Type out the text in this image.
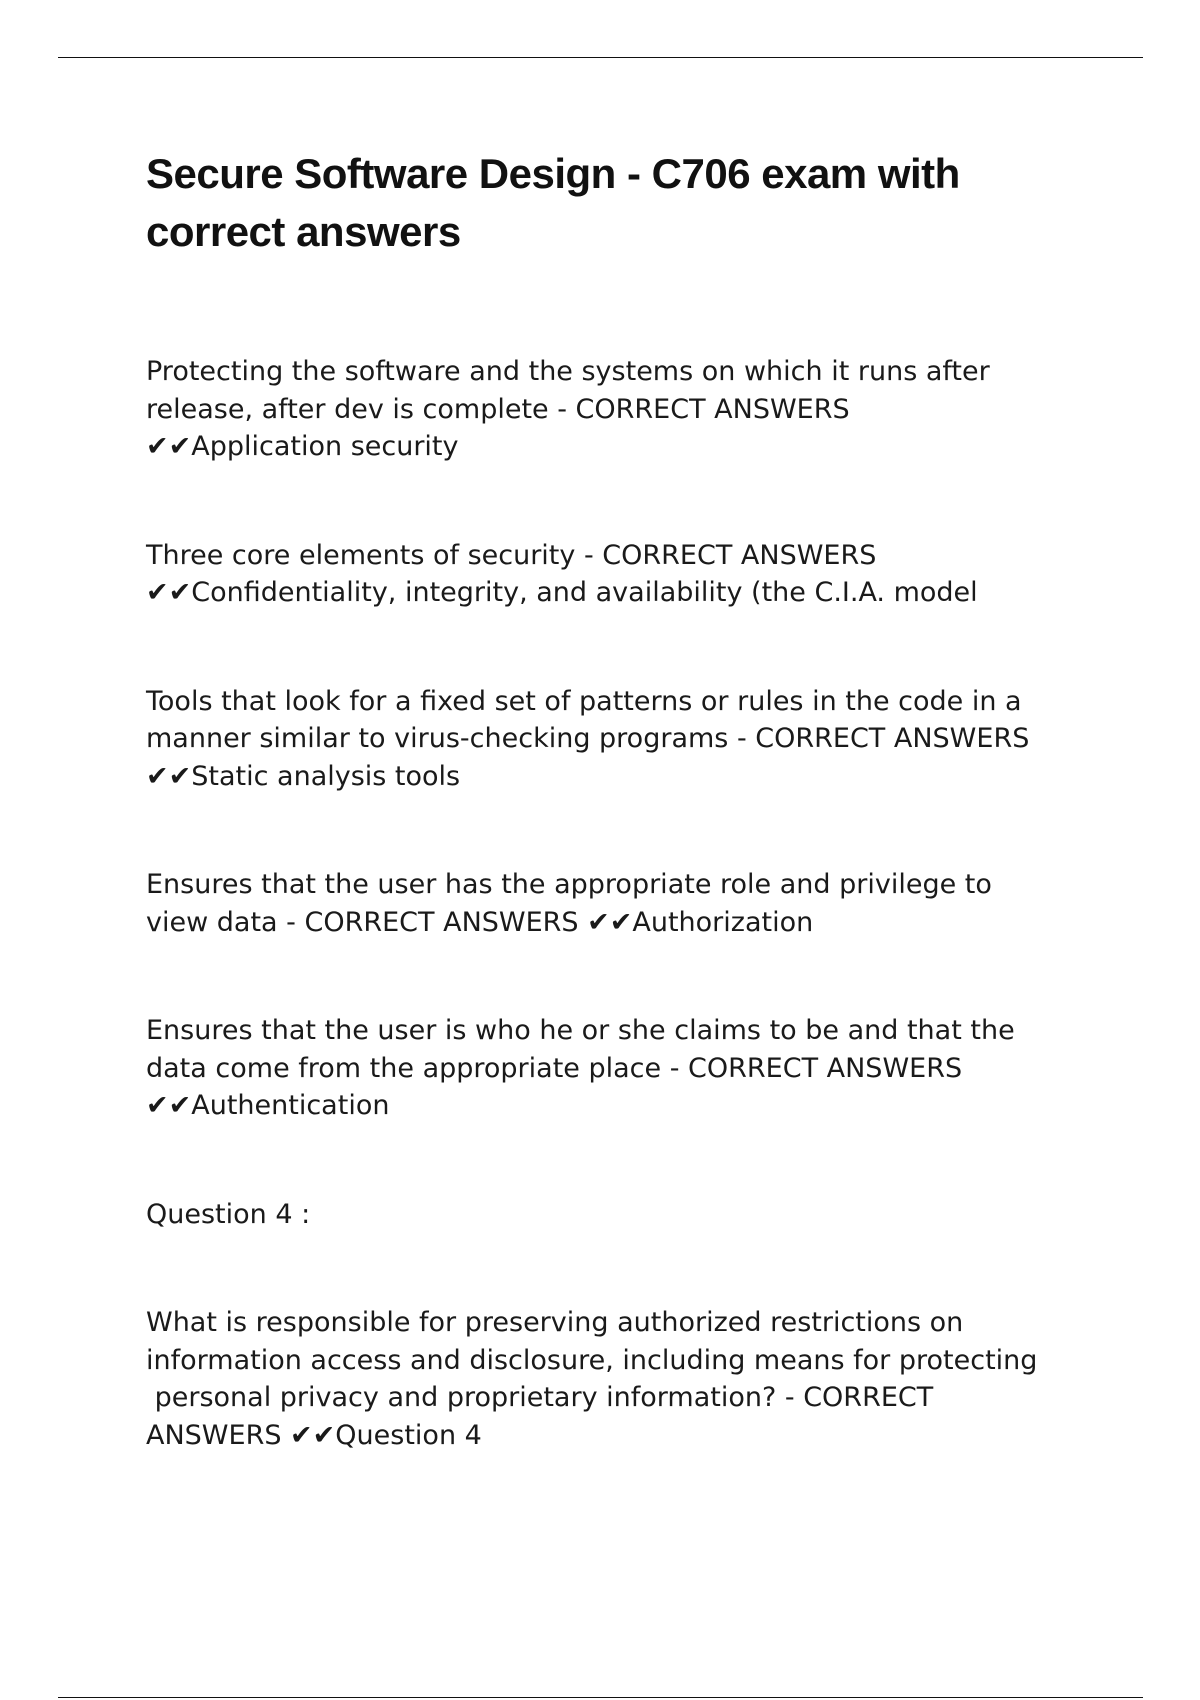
Secure Software Design - C706 exam with correct answers

Protecting the software and the systems on which it runs after
release, after dev is complete - CORRECT ANSWERS
✔✔Application security

Three core elements of security - CORRECT ANSWERS
✔✔Confidentiality, integrity, and availability (the C.I.A. model

Tools that look for a fixed set of patterns or rules in the code in a
manner similar to virus-checking programs - CORRECT ANSWERS
✔✔Static analysis tools

Ensures that the user has the appropriate role and privilege to
view data - CORRECT ANSWERS ✔✔Authorization

Ensures that the user is who he or she claims to be and that the
data come from the appropriate place - CORRECT ANSWERS
✔✔Authentication

Question 4 :

What is responsible for preserving authorized restrictions on
information access and disclosure, including means for protecting
personal privacy and proprietary information? - CORRECT
ANSWERS ✔✔Question 4
